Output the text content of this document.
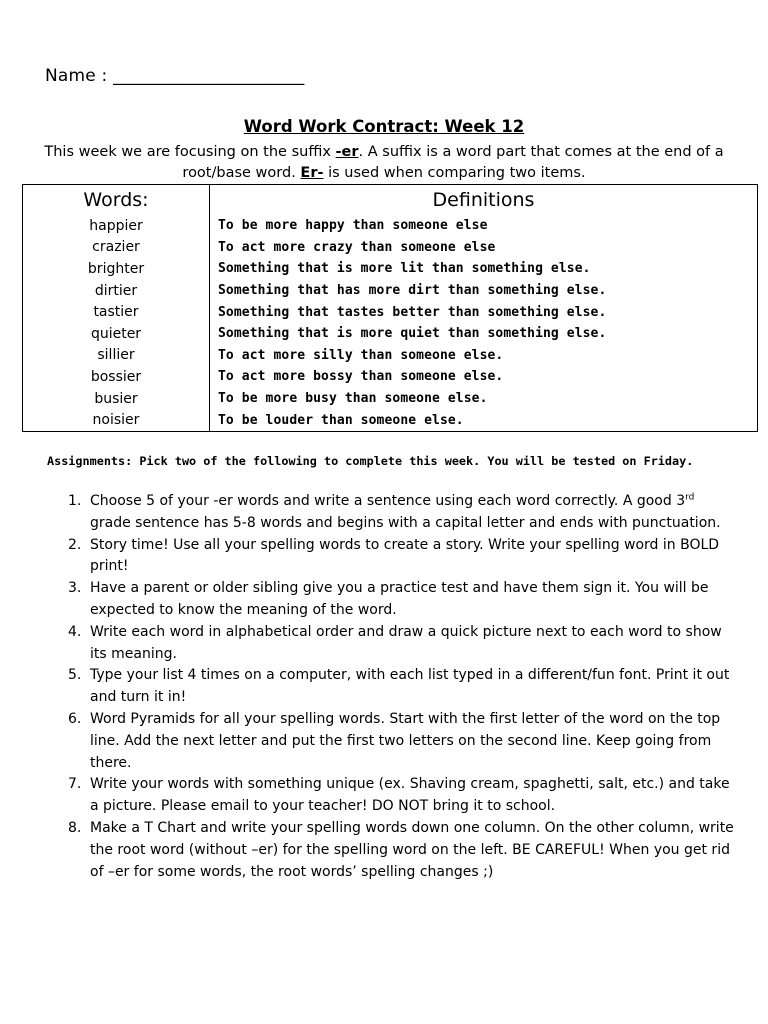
Name : ______________________
Word Work Contract: Week 12
This week we are focusing on the suffix -er. A suffix is a word part that comes at the end of a root/base word. Er- is used when comparing two items.
Words:	Definitions
happier	To be more happy than someone else
crazier	To act more crazy than someone else
brighter	Something that is more lit than something else.
dirtier	Something that has more dirt than something else.
tastier	Something that tastes better than something else.
quieter	Something that is more quiet than something else.
sillier	To act more silly than someone else.
bossier	To act more bossy than someone else.
busier	To be more busy than someone else.
noisier	To be louder than someone else.
Assignments: Pick two of the following to complete this week. You will be tested on Friday.
1. Choose 5 of your -er words and write a sentence using each word correctly. A good 3rd grade sentence has 5-8 words and begins with a capital letter and ends with punctuation.
2. Story time! Use all your spelling words to create a story. Write your spelling word in BOLD print!
3. Have a parent or older sibling give you a practice test and have them sign it. You will be expected to know the meaning of the word.
4. Write each word in alphabetical order and draw a quick picture next to each word to show its meaning.
5. Type your list 4 times on a computer, with each list typed in a different/fun font. Print it out and turn it in!
6. Word Pyramids for all your spelling words. Start with the first letter of the word on the top line. Add the next letter and put the first two letters on the second line. Keep going from there.
7. Write your words with something unique (ex. Shaving cream, spaghetti, salt, etc.) and take a picture. Please email to your teacher! DO NOT bring it to school.
8. Make a T Chart and write your spelling words down one column. On the other column, write the root word (without –er) for the spelling word on the left. BE CAREFUL! When you get rid of –er for some words, the root words’ spelling changes ;)
